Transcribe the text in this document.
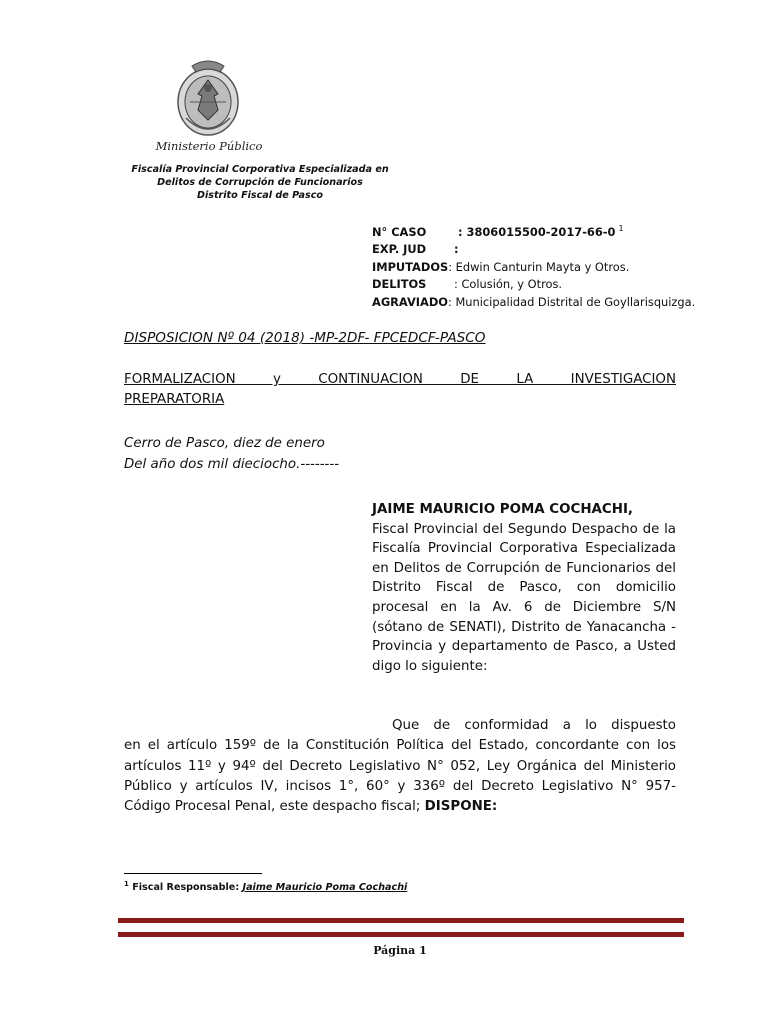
Ministerio Público
Fiscalía Provincial Corporativa Especializada en
Delitos de Corrupción de Funcionarios
Distrito Fiscal de Pasco
N° CASO	: 3806015500-2017-66-0 $^1$
EXP. JUD :
IMPUTADOS: Edwin Canturin Mayta y Otros.
DELITOS : Colusión, y Otros.
AGRAVIADO: Municipalidad Distrital de Goyllarisquizga.
DISPOSICION Nº 04 (2018) -MP-2DF- FPCEDCF-PASCO
FORMALIZACION y CONTINUACION DE LA INVESTIGACION
PREPARATORIA
Cerro de Pasco, diez de enero
Del año dos mil dieciocho.--------
JAIME MAURICIO POMA COCHACHI,
Fiscal Provincial del Segundo Despacho de la Fiscalía Provincial Corporativa Especializada en Delitos de Corrupción de Funcionarios del Distrito Fiscal de Pasco, con domicilio procesal en la Av. 6 de Diciembre S/N (sótano de SENATI), Distrito de Yanacancha - Provincia y departamento de Pasco, a Usted digo lo siguiente:
Que de conformidad a lo dispuesto
en el artículo 159º de la Constitución Política del Estado, concordante con los artículos 11º y 94º del Decreto Legislativo N° 052, Ley Orgánica del Ministerio Público y artículos IV, incisos 1°, 60° y 336º del Decreto Legislativo N° 957- Código Procesal Penal, este despacho fiscal; DISPONE:
$^1$ Fiscal Responsable: Jaime Mauricio Poma Cochachi
Página 1
